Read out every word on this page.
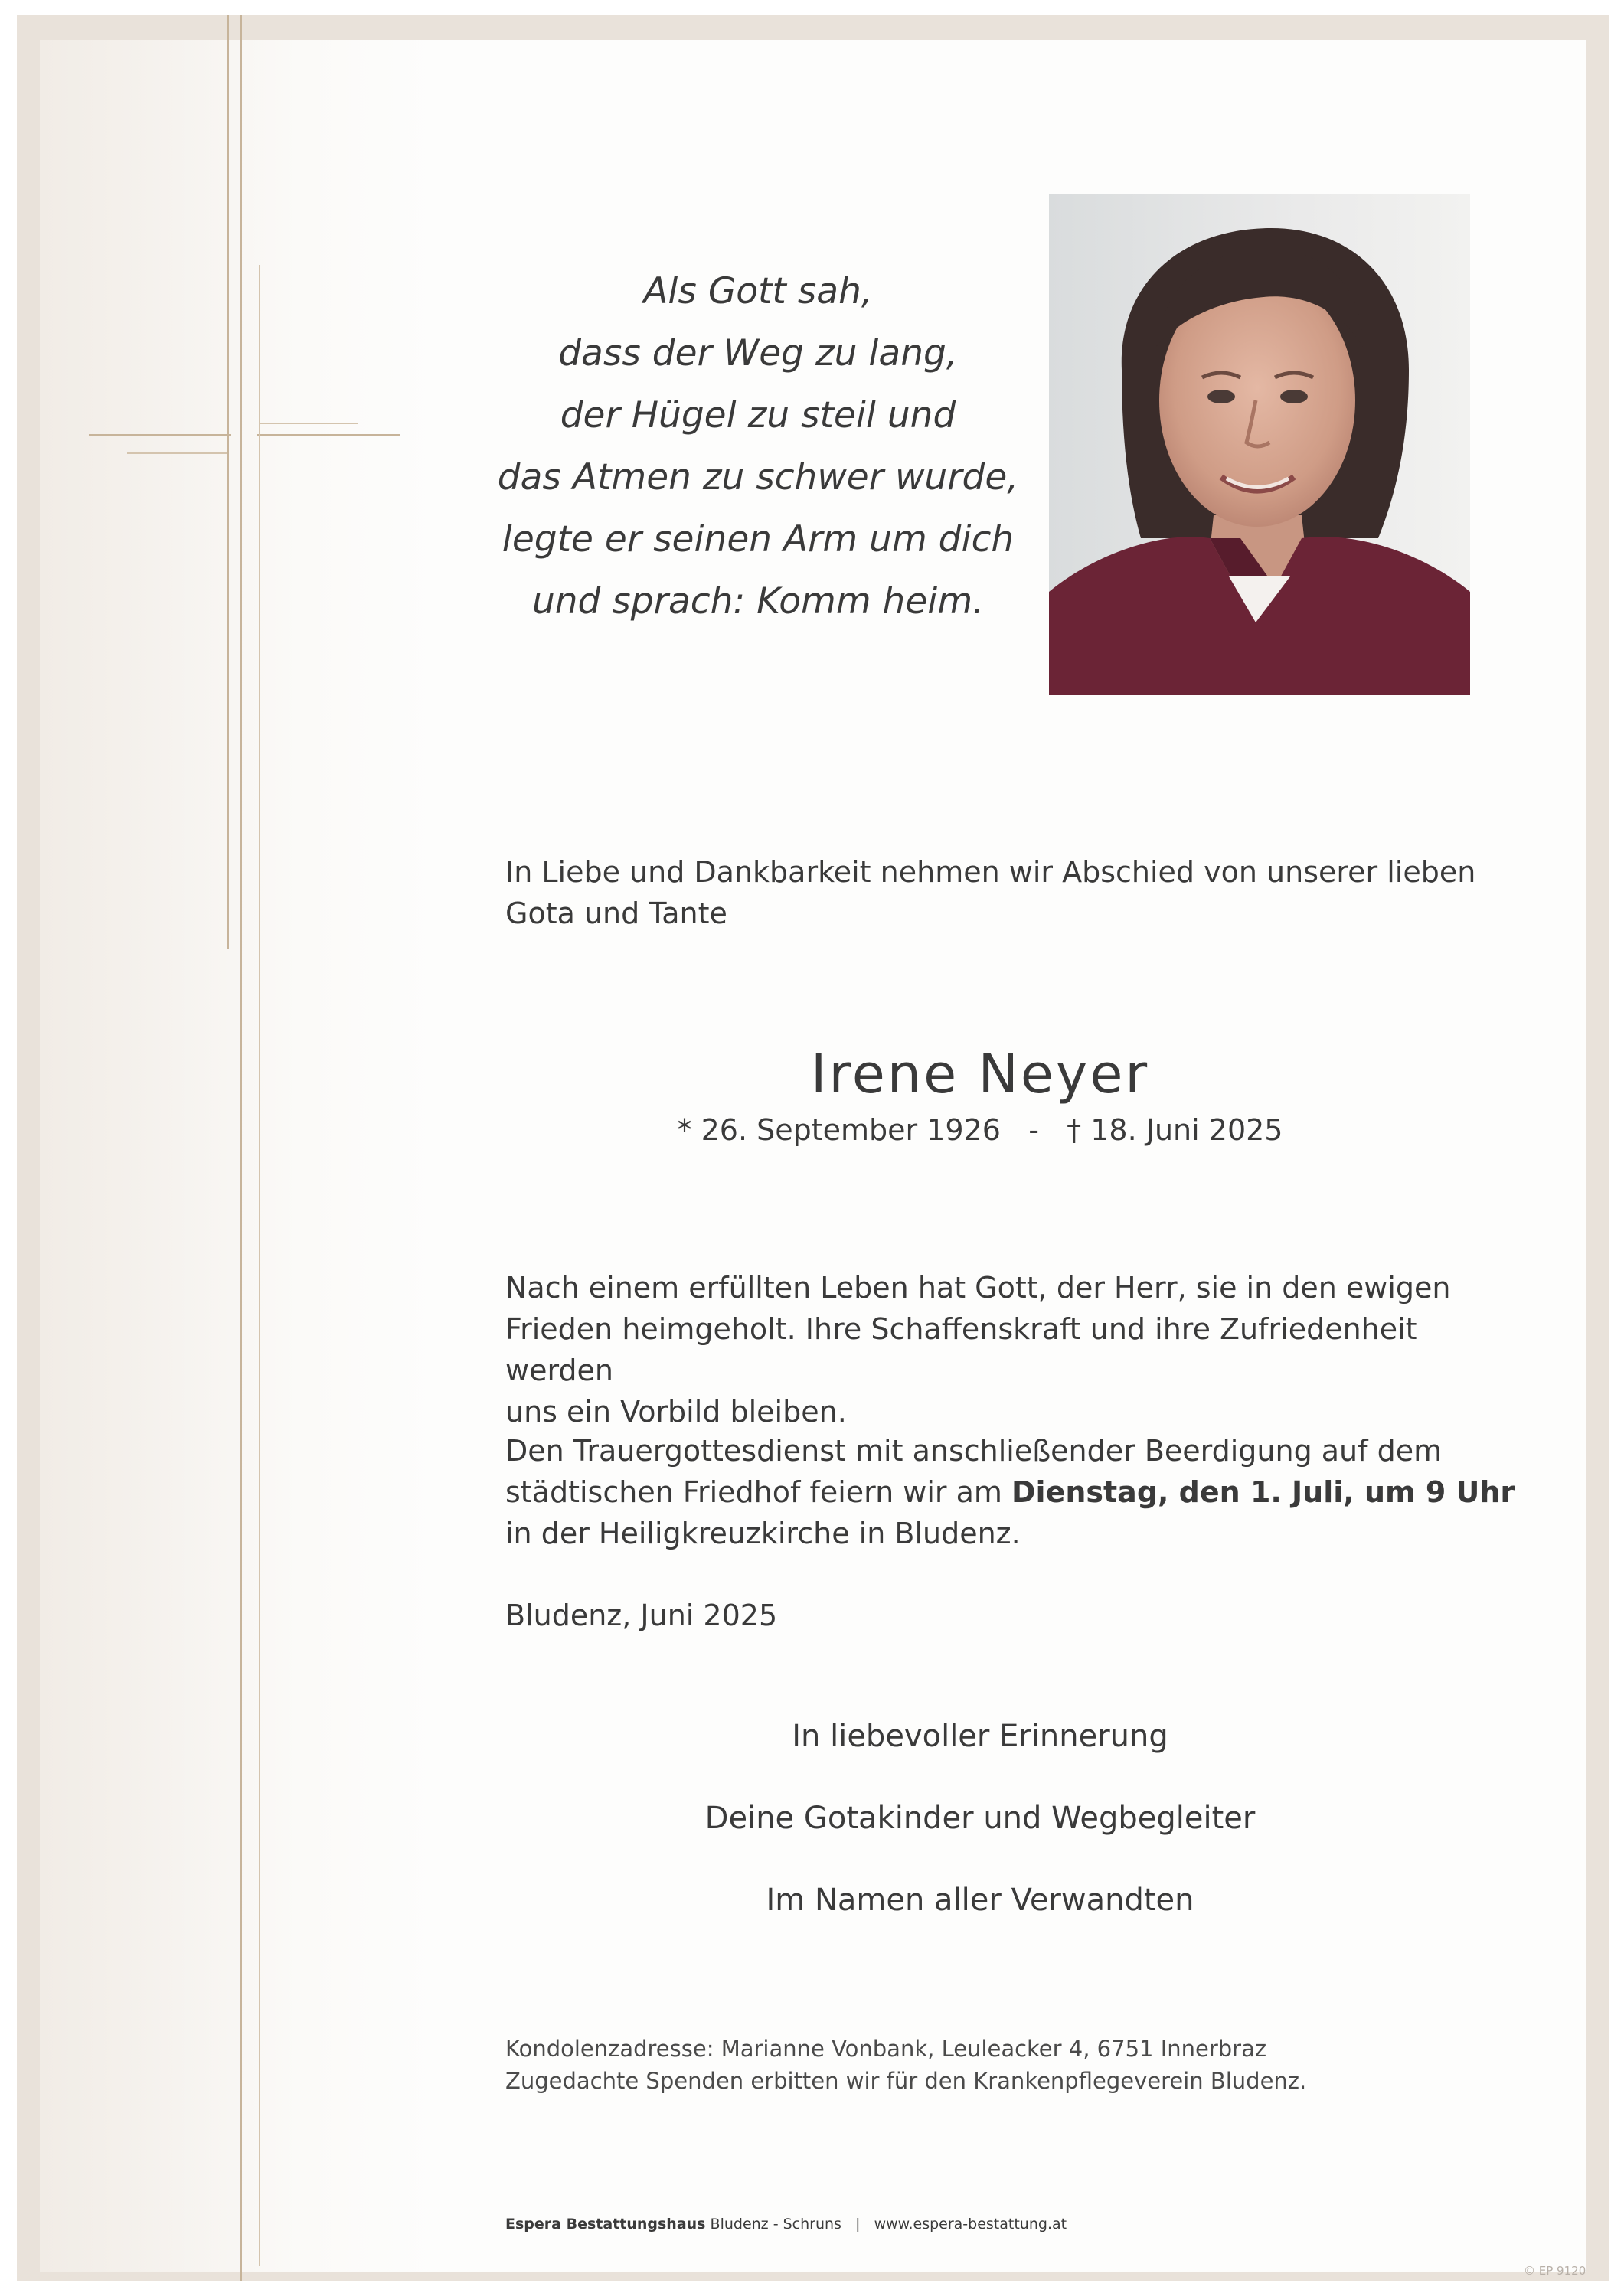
Als Gott sah,
dass der Weg zu lang,
der Hügel zu steil und
das Atmen zu schwer wurde,
legte er seinen Arm um dich
und sprach: Komm heim.
In Liebe und Dankbarkeit nehmen wir Abschied von unserer lieben
Gota und Tante
Irene Neyer
* 26. September 1926 - † 18. Juni 2025
Nach einem erfüllten Leben hat Gott, der Herr, sie in den ewigen
Frieden heimgeholt. Ihre Schaffenskraft und ihre Zufriedenheit werden
uns ein Vorbild bleiben.
Den Trauergottesdienst mit anschließender Beerdigung auf dem
städtischen Friedhof feiern wir am Dienstag, den 1. Juli, um 9 Uhr
in der Heiligkreuzkirche in Bludenz.
Bludenz, Juni 2025
In liebevoller Erinnerung
Deine Gotakinder und Wegbegleiter
Im Namen aller Verwandten
Kondolenzadresse: Marianne Vonbank, Leuleacker 4, 6751 Innerbraz
Zugedachte Spenden erbitten wir für den Krankenpflegeverein Bludenz.
Espera Bestattungshaus Bludenz - Schruns | www.espera-bestattung.at
© EP 9120
